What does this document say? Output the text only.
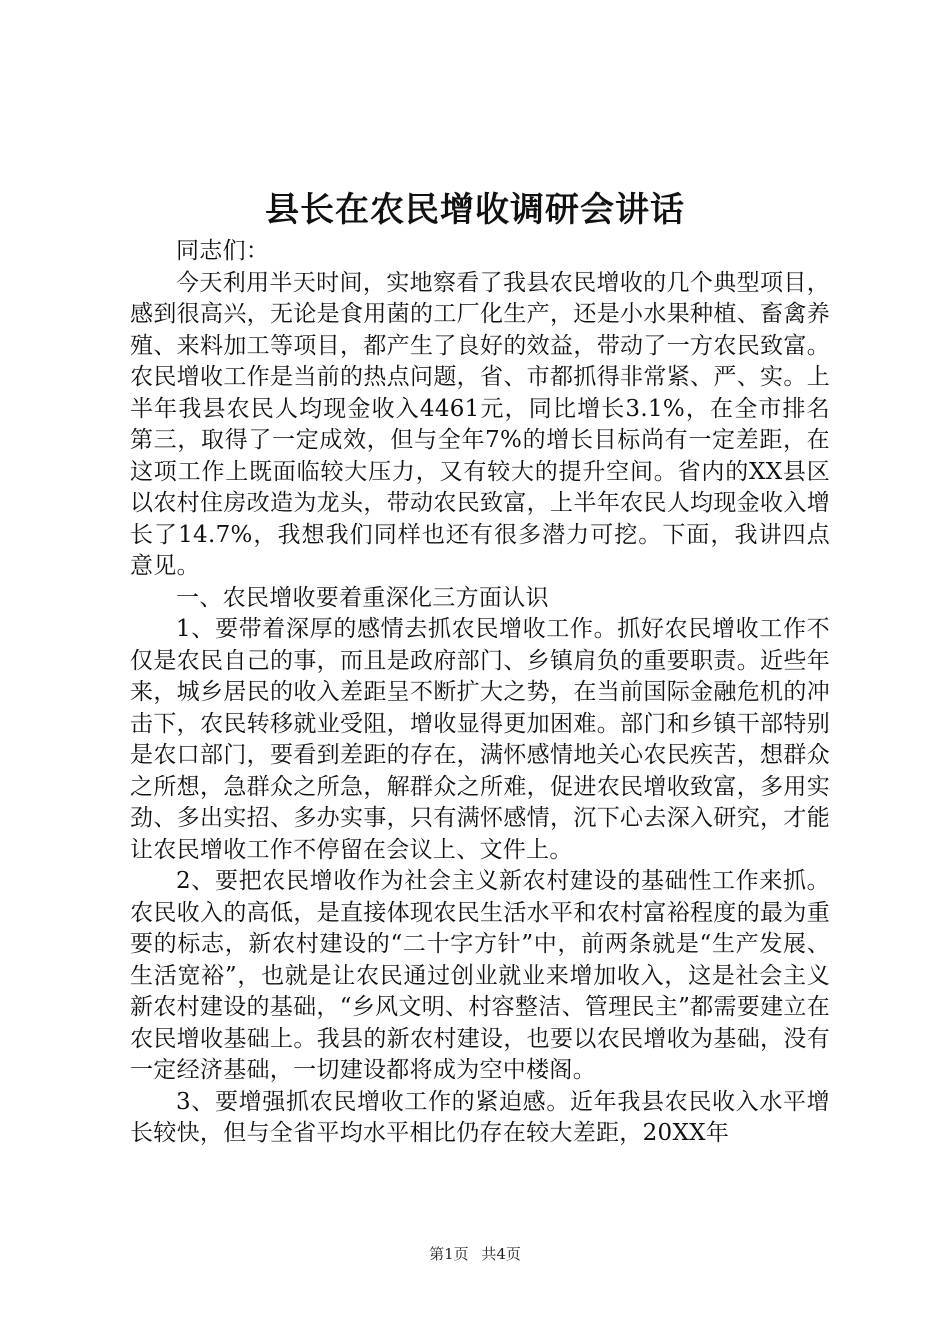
县长在农民增收调研会讲话

同志们：

今天利用半天时间，实地察看了我县农民增收的几个典型项目，感到很高兴，无论是食用菌的工厂化生产，还是小水果种植、畜禽养殖、来料加工等项目，都产生了良好的效益，带动了一方农民致富。农民增收工作是当前的热点问题，省、市都抓得非常紧、严、实。上半年我县农民人均现金收入4461元，同比增长3.1%，在全市排名第三，取得了一定成效，但与全年7%的增长目标尚有一定差距，在这项工作上既面临较大压力，又有较大的提升空间。省内的XX县区以农村住房改造为龙头，带动农民致富，上半年农民人均现金收入增长了14.7%，我想我们同样也还有很多潜力可挖。下面，我讲四点意见。

一、农民增收要着重深化三方面认识

1、要带着深厚的感情去抓农民增收工作。抓好农民增收工作不仅是农民自己的事，而且是政府部门、乡镇肩负的重要职责。近些年来，城乡居民的收入差距呈不断扩大之势，在当前国际金融危机的冲击下，农民转移就业受阻，增收显得更加困难。部门和乡镇干部特别是农口部门，要看到差距的存在，满怀感情地关心农民疾苦，想群众之所想，急群众之所急，解群众之所难，促进农民增收致富，多用实劲、多出实招、多办实事，只有满怀感情，沉下心去深入研究，才能让农民增收工作不停留在会议上、文件上。

2、要把农民增收作为社会主义新农村建设的基础性工作来抓。农民收入的高低，是直接体现农民生活水平和农村富裕程度的最为重要的标志，新农村建设的“二十字方针”中，前两条就是“生产发展、生活宽裕”，也就是让农民通过创业就业来增加收入，这是社会主义新农村建设的基础，“乡风文明、村容整洁、管理民主”都需要建立在农民增收基础上。我县的新农村建设，也要以农民增收为基础，没有一定经济基础，一切建设都将成为空中楼阁。

3、要增强抓农民增收工作的紧迫感。近年我县农民收入水平增长较快，但与全省平均水平相比仍存在较大差距，20XX年

第1页 共4页
